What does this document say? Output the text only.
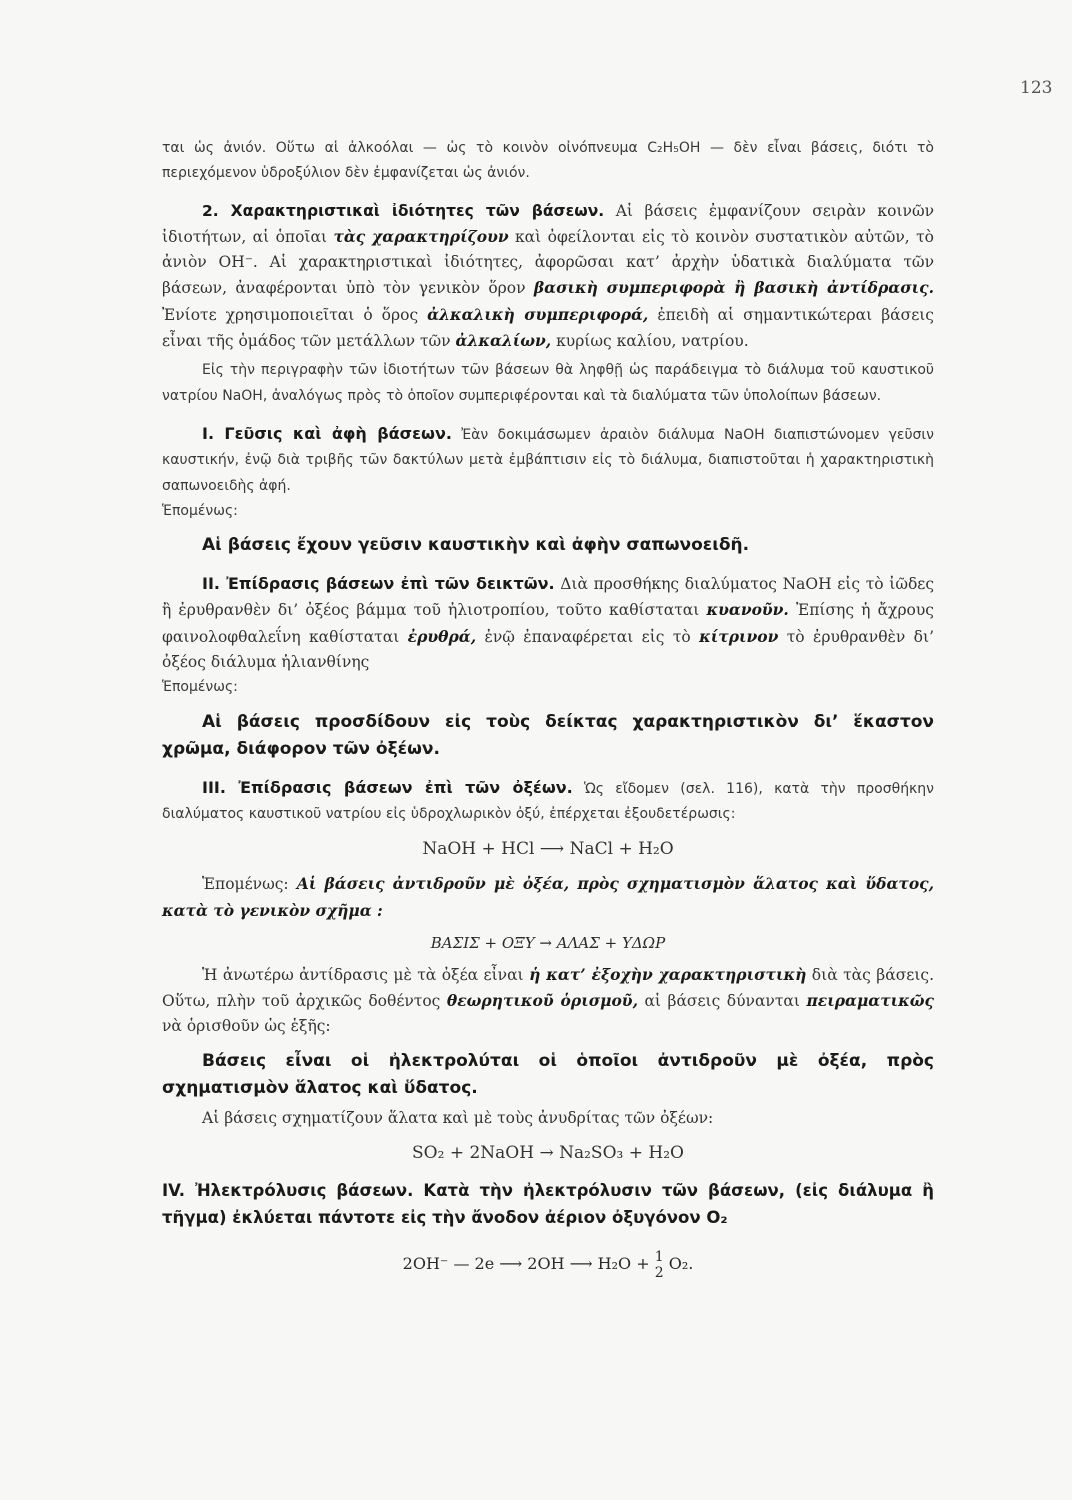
123

ται ὡς ἀνιόν. Οὕτω αἱ ἀλκοόλαι — ὡς τὸ κοινὸν οἰνόπνευμα C₂H₅OH — δὲν εἶναι βάσεις, διότι τὸ περιεχόμενον ὑδροξύλιον δὲν ἐμφανίζεται ὡς ἀνιόν.

2. Χαρακτηριστικαὶ ἰδιότητες τῶν βάσεων. Αἱ βάσεις ἐμφανίζουν σειρὰν κοινῶν ἰδιοτήτων, αἱ ὁποῖαι τὰς χαρακτηρίζουν καὶ ὀφείλονται εἰς τὸ κοινὸν συστατικὸν αὐτῶν, τὸ ἀνιὸν OH⁻. Αἱ χαρακτηριστικαὶ ἰδιότητες, ἀφορῶσαι κατ’ ἀρχὴν ὑδατικὰ διαλύματα τῶν βάσεων, ἀναφέρονται ὑπὸ τὸν γενικὸν ὅρον βασικὴ συμπεριφορὰ ἢ βασικὴ ἀντίδρασις. Ἐνίοτε χρησιμοποιεῖται ὁ ὅρος ἀλκαλικὴ συμπεριφορά, ἐπειδὴ αἱ σημαντικώτεραι βάσεις εἶναι τῆς ὁμάδος τῶν μετάλλων τῶν ἀλκαλίων, κυρίως καλίου, νατρίου.

Εἰς τὴν περιγραφὴν τῶν ἰδιοτήτων τῶν βάσεων θὰ ληφθῇ ὡς παράδειγμα τὸ διάλυμα τοῦ καυστικοῦ νατρίου NaOH, ἀναλόγως πρὸς τὸ ὁποῖον συμπεριφέρονται καὶ τὰ διαλύματα τῶν ὑπολοίπων βάσεων.

I. Γεῦσις καὶ ἀφὴ βάσεων. Ἐὰν δοκιμάσωμεν ἀραιὸν διάλυμα NaOH διαπιστώνομεν γεῦσιν καυστικήν, ἐνῷ διὰ τριβῆς τῶν δακτύλων μετὰ ἐμβάπτισιν εἰς τὸ διάλυμα, διαπιστοῦται ἡ χαρακτηριστικὴ σαπωνοειδὴς ἀφή.

Ἑπομένως:

Αἱ βάσεις ἔχουν γεῦσιν καυστικὴν καὶ ἀφὴν σαπωνοειδῆ.

II. Ἐπίδρασις βάσεων ἐπὶ τῶν δεικτῶν. Διὰ προσθήκης διαλύματος NaOH εἰς τὸ ἰῶδες ἢ ἐρυθρανθὲν δι’ ὀξέος βάμμα τοῦ ἡλιοτροπίου, τοῦτο καθίσταται κυανοῦν. Ἐπίσης ἡ ἄχρους φαινολοφθαλεΐνη καθίσταται ἐρυθρά, ἐνῷ ἐπαναφέρεται εἰς τὸ κίτρινον τὸ ἐρυθρανθὲν δι’ ὀξέος διάλυμα ἡλιανθίνης

Ἑπομένως:

Αἱ βάσεις προσδίδουν εἰς τοὺς δείκτας χαρακτηριστικὸν δι’ ἕκαστον χρῶμα, διάφορον τῶν ὀξέων.

III. Ἐπίδρασις βάσεων ἐπὶ τῶν ὀξέων. Ὡς εἴδομεν (σελ. 116), κατὰ τὴν προσθήκην διαλύματος καυστικοῦ νατρίου εἰς ὑδροχλωρικὸν ὀξύ, ἐπέρχεται ἐξουδετέρωσις:

NaOH + HCl ⟶ NaCl + H₂O

Ἑπομένως: Αἱ βάσεις ἀντιδροῦν μὲ ὀξέα, πρὸς σχηματισμὸν ἅλατος καὶ ὕδατος, κατὰ τὸ γενικὸν σχῆμα :

ΒΑΣΙΣ + ΟΞΥ → ΑΛΑΣ + ΥΔΩΡ

Ἡ ἀνωτέρω ἀντίδρασις μὲ τὰ ὀξέα εἶναι ἡ κατ’ ἐξοχὴν χαρακτηριστικὴ διὰ τὰς βάσεις. Οὕτω, πλὴν τοῦ ἀρχικῶς δοθέντος θεωρητικοῦ ὁρισμοῦ, αἱ βάσεις δύνανται πειραματικῶς νὰ ὁρισθοῦν ὡς ἑξῆς:

Βάσεις εἶναι οἱ ἠλεκτρολύται οἱ ὁποῖοι ἀντιδροῦν μὲ ὀξέα, πρὸς σχηματισμὸν ἅλατος καὶ ὕδατος.

Αἱ βάσεις σχηματίζουν ἅλατα καὶ μὲ τοὺς ἀνυδρίτας τῶν ὀξέων:

SO₂ + 2NaOH → Na₂SO₃ + H₂O

IV. Ἠλεκτρόλυσις βάσεων. Κατὰ τὴν ἠλεκτρόλυσιν τῶν βάσεων, (εἰς διάλυμα ἢ τῆγμα) ἐκλύεται πάντοτε εἰς τὴν ἄνοδον ἀέριον ὀξυγόνον O₂

2OH⁻ — 2e ⟶ 2OH ⟶ H₂O + 1
2 O₂.
